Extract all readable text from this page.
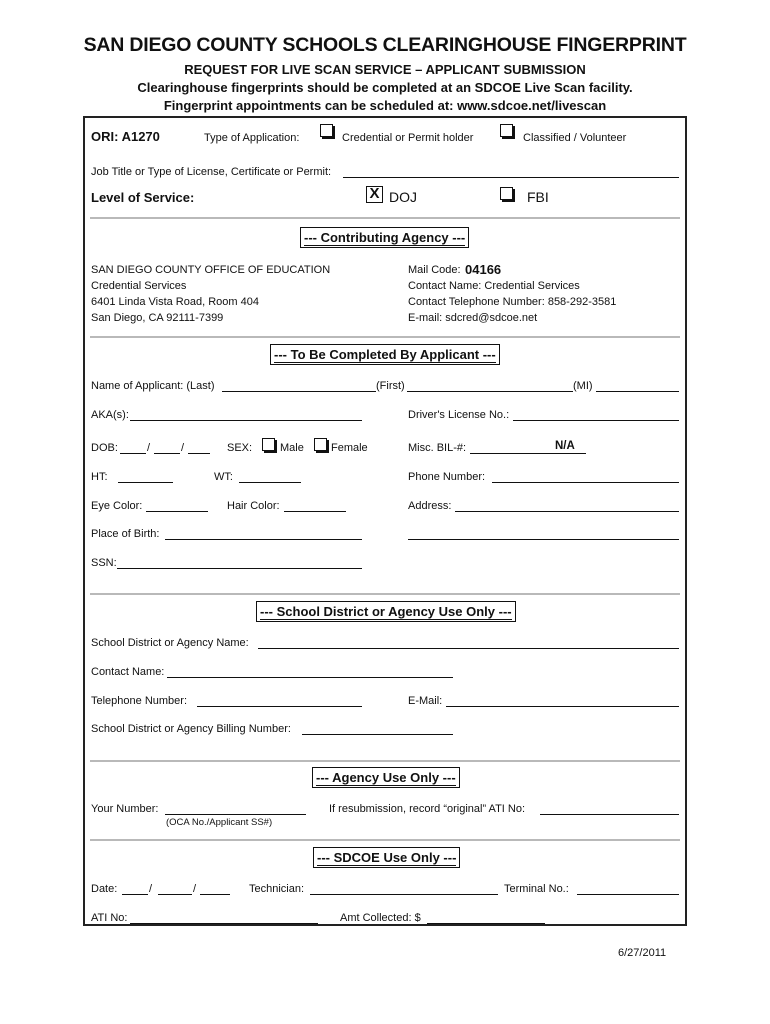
SAN DIEGO COUNTY SCHOOLS CLEARINGHOUSE FINGERPRINT
REQUEST FOR LIVE SCAN SERVICE – APPLICANT SUBMISSION
Clearinghouse fingerprints should be completed at an SDCOE Live Scan facility.
Fingerprint appointments can be scheduled at: www.sdcoe.net/livescan
ORI: A1270	Type of Application:	Credential or Permit holder	Classified / Volunteer
Job Title or Type of License, Certificate or Permit:
Level of Service:	X DOJ	FBI
--- Contributing Agency ---
SAN DIEGO COUNTY OFFICE OF EDUCATION
Credential Services
6401 Linda Vista Road, Room 404
San Diego, CA 92111-7399
Mail Code: 04166
Contact Name: Credential Services
Contact Telephone Number: 858-292-3581
E-mail: sdcred@sdcoe.net
--- To Be Completed By Applicant ---
Name of Applicant: (Last)	(First)	(MI)
AKA(s):	Driver's License No.:
DOB:	/	/	SEX:	Male Female	Misc. BIL-#:	N/A
HT:	WT:	Phone Number:
Eye Color:	Hair Color:	Address:
Place of Birth:
SSN:
--- School District or Agency Use Only ---
School District or Agency Name:
Contact Name:
Telephone Number:	E-Mail:
School District or Agency Billing Number:
--- Agency Use Only ---
Your Number:	If resubmission, record “original” ATI No:
(OCA No./Applicant SS#)
--- SDCOE Use Only ---
Date:	/	/	Technician:	Terminal No.:
ATI No:	Amt Collected: $
6/27/2011
